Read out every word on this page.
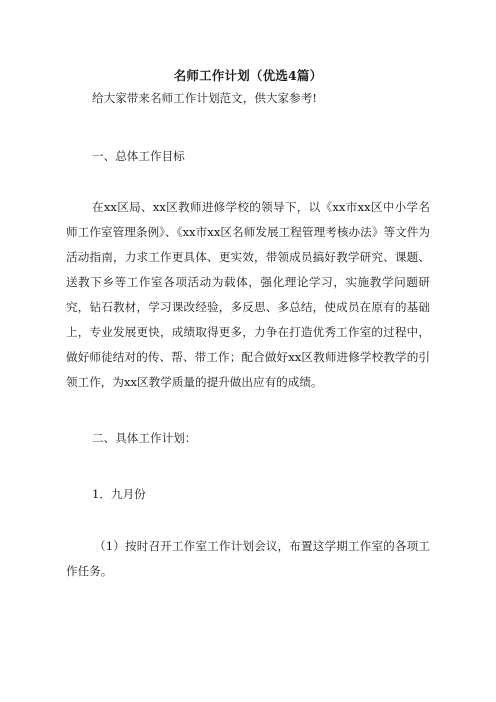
名师工作计划（优选4篇）
给大家带来名师工作计划范文，供大家参考!
一、总体工作目标
在xx区局、xx区教师进修学校的领导下，以《xx市xx区中小学名师工作室管理条例》、《xx市xx区名师发展工程管理考核办法》等文件为活动指南，力求工作更具体、更实效，带领成员搞好教学研究、课题、送教下乡等工作室各项活动为载体，强化理论学习，实施教学问题研究，钻石教材，学习课改经验，多反思、多总结，使成员在原有的基础上，专业发展更快，成绩取得更多，力争在打造优秀工作室的过程中，做好师徒结对的传、帮、带工作；配合做好xx区教师进修学校教学的引领工作，为xx区教学质量的提升做出应有的成绩。
二、具体工作计划：
1．九月份
（1）按时召开工作室工作计划会议，布置这学期工作室的各项工作任务。
